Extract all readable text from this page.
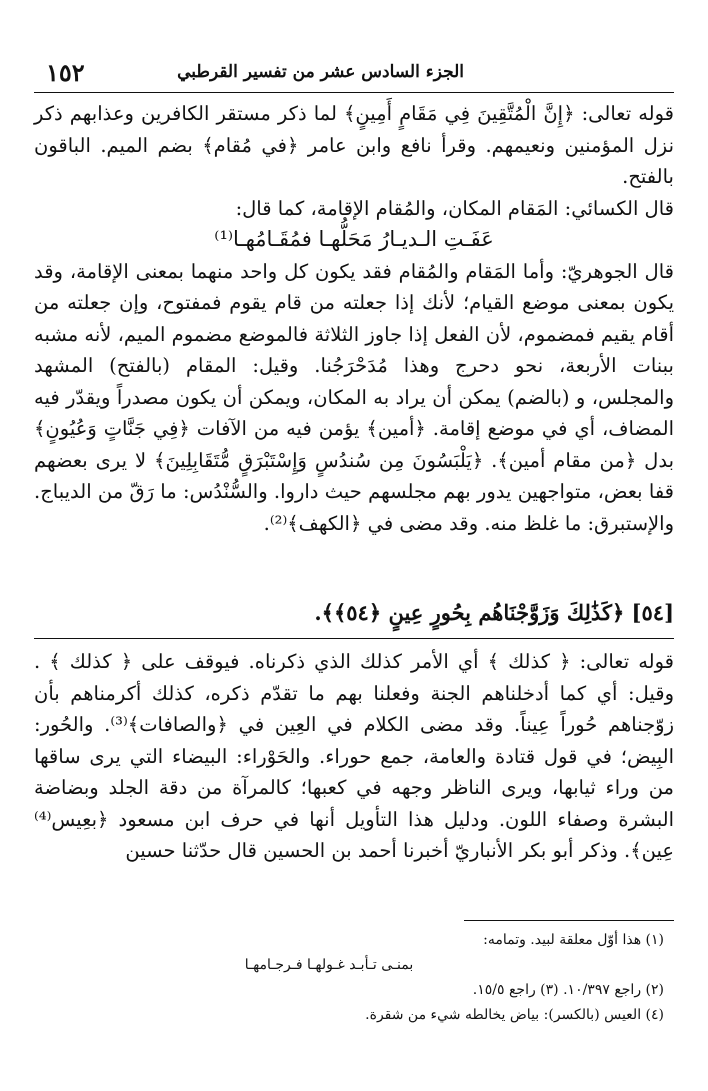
١٥٢	الجزء السادس عشر من تفسير القرطبي

قوله تعالى: ﴿إِنَّ الْمُتَّقِينَ فِي مَقَامٍ أَمِينٍ﴾ لما ذكر مستقر الكافرين وعذابهم ذكر نزل المؤمنين ونعيمهم. وقرأ نافع وابن عامر ﴿في مُقام﴾ بضم الميم. الباقون بالفتح.

قال الكسائي: المَقام المكان، والمُقام الإقامة، كما قال:

عَفَـتِ الـديـارُ مَحَلُّهـا فمُقَـامُهـا⁽¹⁾

قال الجوهريّ: وأما المَقام والمُقام فقد يكون كل واحد منهما بمعنى الإقامة، وقد يكون بمعنى موضع القيام؛ لأنك إذا جعلته من قام يقوم فمفتوح، وإن جعلته من أقام يقيم فمضموم، لأن الفعل إذا جاوز الثلاثة فالموضع مضموم الميم، لأنه مشبه ببنات الأربعة، نحو دحرج وهذا مُدَحْرَجُنا. وقيل: المقام (بالفتح) المشهد والمجلس، و (بالضم) يمكن أن يراد به المكان، ويمكن أن يكون مصدراً ويقدّر فيه المضاف، أي في موضع إقامة. ﴿أمين﴾ يؤمن فيه من الآفات ﴿فِي جَنَّاتٍ وَعُيُونٍ﴾ بدل ﴿من مقام أمين﴾. ﴿يَلْبَسُونَ مِن سُندُسٍ وَإِسْتَبْرَقٍ مُّتَقَابِلِينَ﴾ لا يرى بعضهم قفا بعض، متواجهين يدور بهم مجلسهم حيث داروا. والسُّنْدُس: ما رَقّ من الديباج. والإستبرق: ما غلظ منه. وقد مضى في ﴿الكهف﴾⁽²⁾.

[٥٤] ﴿كَذَٰلِكَ وَزَوَّجْنَاهُم بِحُورٍ عِينٍ ﴿٥٤﴾﴾.

قوله تعالى: ﴿ كذلك ﴾ أي الأمر كذلك الذي ذكرناه. فيوقف على ﴿ كذلك ﴾ . وقيل: أي كما أدخلناهم الجنة وفعلنا بهم ما تقدّم ذكره، كذلك أكرمناهم بأن زوّجناهم حُوراً عِيناً. وقد مضى الكلام في العِين في ﴿والصافات﴾⁽³⁾. والحُور: البِيض؛ في قول قتادة والعامة، جمع حوراء. والحَوْراء: البيضاء التي يرى ساقها من وراء ثيابها، ويرى الناظر وجهه في كعبها؛ كالمرآة من دقة الجلد وبضاضة البشرة وصفاء اللون. ودليل هذا التأويل أنها في حرف ابن مسعود ﴿بعِيس⁽⁴⁾ عِين﴾. وذكر أبو بكر الأنباريّ أخبرنا أحمد بن الحسين قال حدّثنا حسين

(١) هذا أوّل معلقة لبيد. وتمامه:

بمنـى تـأبـد غـولهـا فـرجـامهـا

(٢) راجع ١٠/٣٩٧. (٣) راجع ١٥/٥.

(٤) العيس (بالكسر): بياض يخالطه شيء من شقرة.
